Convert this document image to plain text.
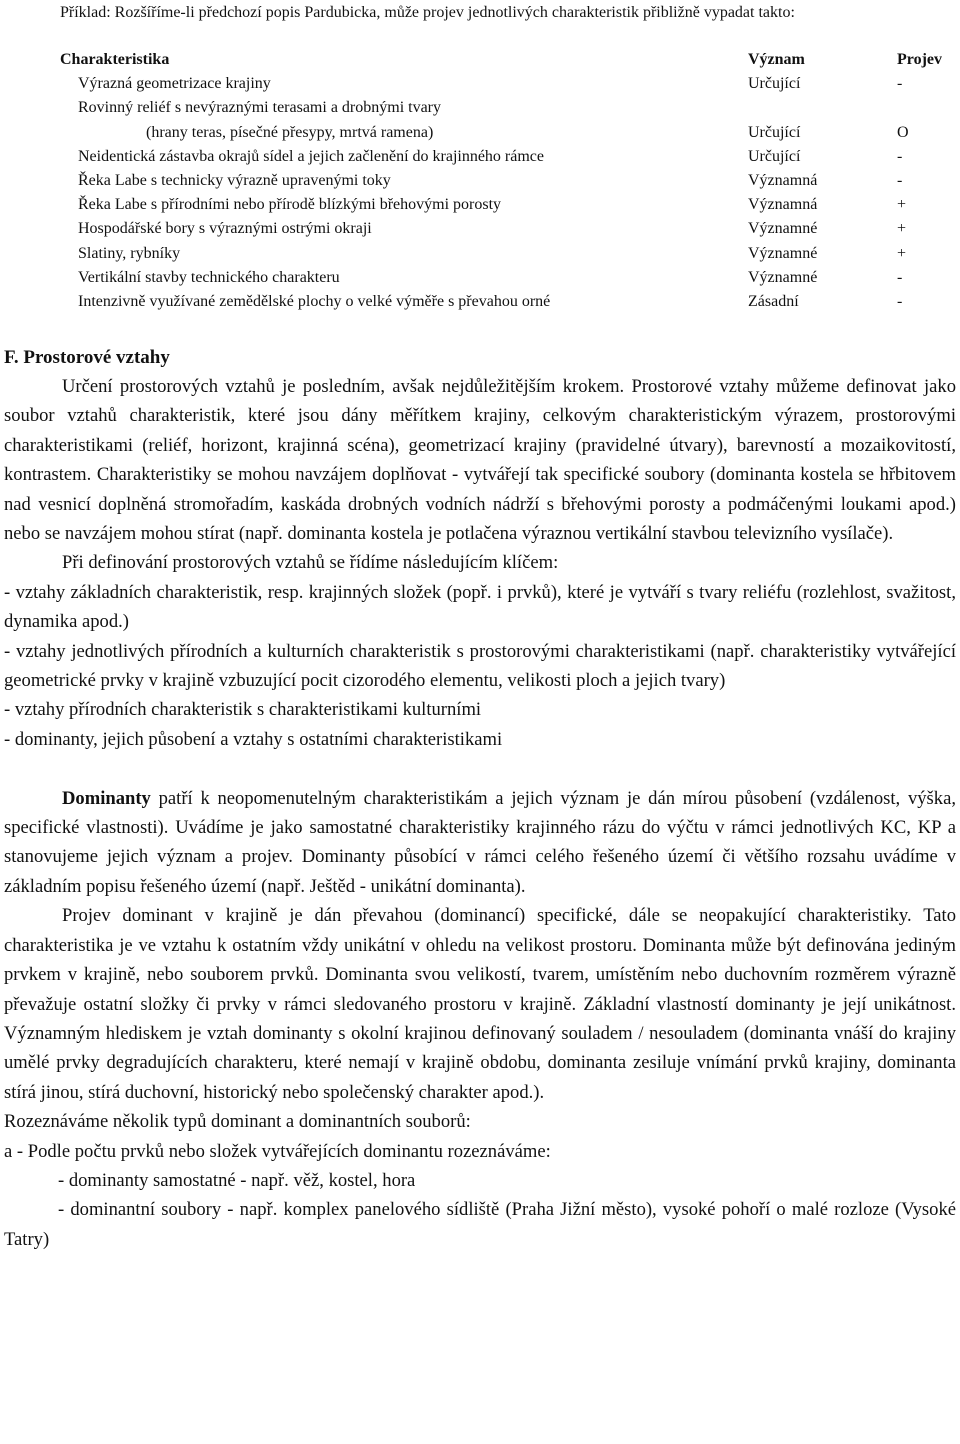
Příklad: Rozšíříme-li předchozí popis Pardubicka, může projev jednotlivých charakteristik přibližně vypadat takto:
Charakteristika	Význam	Projev
Výrazná geometrizace krajiny	Určující	-
Rovinný reliéf s nevýraznými terasami a drobnými tvary
(hrany teras, písečné přesypy, mrtvá ramena)	Určující	O
Neidentická zástavba okrajů sídel a jejich začlenění do krajinného rámce	Určující	-
Řeka Labe s technicky výrazně upravenými toky	Významná	-
Řeka Labe s přírodními nebo přírodě blízkými břehovými porosty	Významná	+
Hospodářské bory s výraznými ostrými okraji	Významné	+
Slatiny, rybníky	Významné	+
Vertikální stavby technického charakteru	Významné	-
Intenzivně využívané zemědělské plochy o velké výměře s převahou orné	Zásadní	-
F. Prostorové vztahy

Určení prostorových vztahů je posledním, avšak nejdůležitějším krokem. Prostorové vztahy můžeme definovat jako soubor vztahů charakteristik, které jsou dány měřítkem krajiny, celkovým charakteristickým výrazem, prostorovými charakteristikami (reliéf, horizont, krajinná scéna), geometrizací krajiny (pravidelné útvary), barevností a mozaikovitostí, kontrastem. Charakteristiky se mohou navzájem doplňovat - vytvářejí tak specifické soubory (dominanta kostela se hřbitovem nad vesnicí doplněná stromořadím, kaskáda drobných vodních nádrží s břehovými porosty a podmáčenými loukami apod.) nebo se navzájem mohou stírat (např. dominanta kostela je potlačena výraznou vertikální stavbou televizního vysílače).

Při definování prostorových vztahů se řídíme následujícím klíčem:

- vztahy základních charakteristik, resp. krajinných složek (popř. i prvků), které je vytváří s tvary reliéfu (rozlehlost, svažitost, dynamika apod.)

- vztahy jednotlivých přírodních a kulturních charakteristik s prostorovými charakteristikami (např. charakteristiky vytvářející geometrické prvky v krajině vzbuzující pocit cizorodého elementu, velikosti ploch a jejich tvary)

- vztahy přírodních charakteristik s charakteristikami kulturními

- dominanty, jejich působení a vztahy s ostatními charakteristikami

Dominanty patří k neopomenutelným charakteristikám a jejich význam je dán mírou působení (vzdálenost, výška, specifické vlastnosti). Uvádíme je jako samostatné charakteristiky krajinného rázu do výčtu v rámci jednotlivých KC, KP a stanovujeme jejich význam a projev. Dominanty působící v rámci celého řešeného území či většího rozsahu uvádíme v základním popisu řešeného území (např. Ještěd - unikátní dominanta).

Projev dominant v krajině je dán převahou (dominancí) specifické, dále se neopakující charakteristiky. Tato charakteristika je ve vztahu k ostatním vždy unikátní v ohledu na velikost prostoru. Dominanta může být definována jediným prvkem v krajině, nebo souborem prvků. Dominanta svou velikostí, tvarem, umístěním nebo duchovním rozměrem výrazně převažuje ostatní složky či prvky v rámci sledovaného prostoru v krajině. Základní vlastností dominanty je její unikátnost. Významným hlediskem je vztah dominanty s okolní krajinou definovaný souladem / nesouladem (dominanta vnáší do krajiny umělé prvky degradujících charakteru, které nemají v krajině obdobu, dominanta zesiluje vnímání prvků krajiny, dominanta stírá jinou, stírá duchovní, historický nebo společenský charakter apod.).

Rozeznáváme několik typů dominant a dominantních souborů:

a - Podle počtu prvků nebo složek vytvářejících dominantu rozeznáváme:

- dominanty samostatné - např. věž, kostel, hora

- dominantní soubory - např. komplex panelového sídliště (Praha Jižní město), vysoké pohoří o malé rozloze (Vysoké Tatry)
